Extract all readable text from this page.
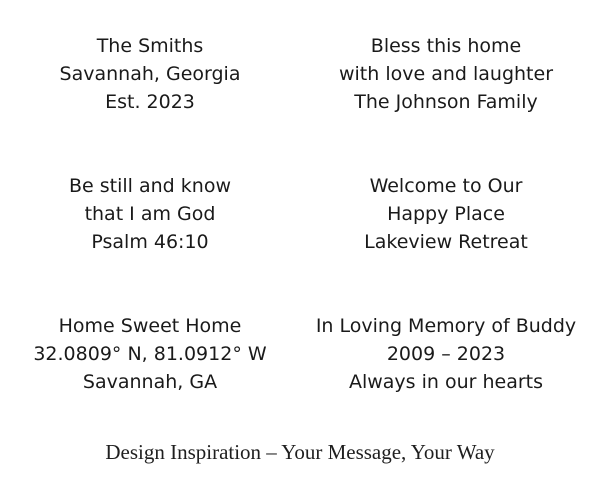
The Smiths
Savannah, Georgia
Est. 2023
Bless this home
with love and laughter
The Johnson Family
Be still and know
that I am God
Psalm 46:10
Welcome to Our
Happy Place
Lakeview Retreat
Home Sweet Home
32.0809° N, 81.0912° W
Savannah, GA
In Loving Memory of Buddy
2009 – 2023
Always in our hearts
Design Inspiration – Your Message, Your Way
